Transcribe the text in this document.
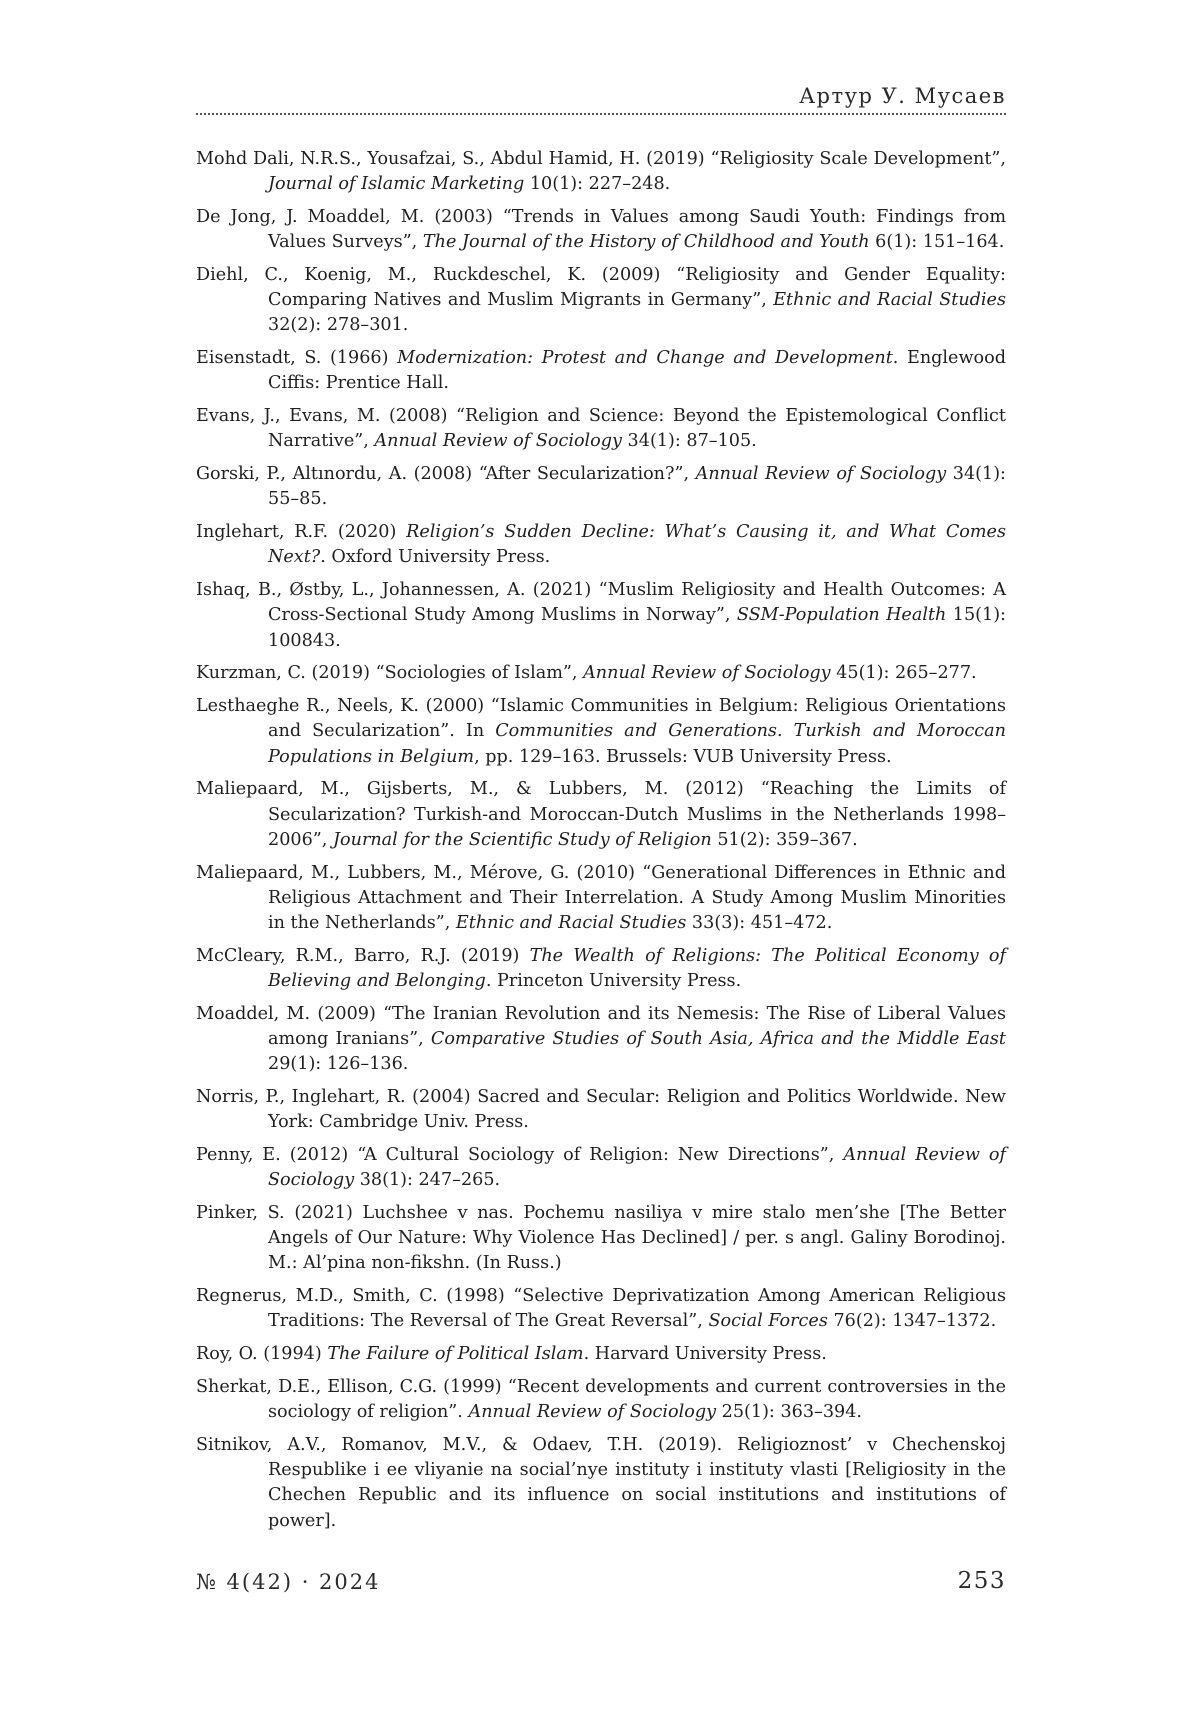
Артур У. Мусаев
Mohd Dali, N.R.S., Yousafzai, S., Abdul Hamid, H. (2019) “Religiosity Scale Development”, Journal of Islamic Marketing 10(1): 227–248.
De Jong, J. Moaddel, M. (2003) “Trends in Values among Saudi Youth: Findings from Values Surveys”, The Journal of the History of Childhood and Youth 6(1): 151–164.
Diehl, C., Koenig, M., Ruckdeschel, K. (2009) “Religiosity and Gender Equality: Comparing Natives and Muslim Migrants in Germany”, Ethnic and Racial Studies 32(2): 278–301.
Eisenstadt, S. (1966) Modernization: Protest and Change and Development. Englewood Ciffis: Prentice Hall.
Evans, J., Evans, M. (2008) “Religion and Science: Beyond the Epistemological Conflict Narrative”, Annual Review of Sociology 34(1): 87–105.
Gorski, P., Altınordu, A. (2008) “After Secularization?”, Annual Review of Sociology 34(1): 55–85.
Inglehart, R.F. (2020) Religion’s Sudden Decline: What’s Causing it, and What Comes Next?. Oxford University Press.
Ishaq, B., Østby, L., Johannessen, A. (2021) “Muslim Religiosity and Health Outcomes: A Cross-Sectional Study Among Muslims in Norway”, SSM-Population Health 15(1): 100843.
Kurzman, C. (2019) “Sociologies of Islam”, Annual Review of Sociology 45(1): 265–277.
Lesthaeghe R., Neels, K. (2000) “Islamic Communities in Belgium: Religious Orientations and Secularization”. In Communities and Generations. Turkish and Moroccan Populations in Belgium, pp. 129–163. Brussels: VUB University Press.
Maliepaard, M., Gijsberts, M., & Lubbers, M. (2012) “Reaching the Limits of Secularization? Turkish-and Moroccan-Dutch Muslims in the Netherlands 1998–2006”, Journal for the Scientific Study of Religion 51(2): 359–367.
Maliepaard, M., Lubbers, M., Mérove, G. (2010) “Generational Differences in Ethnic and Religious Attachment and Their Interrelation. A Study Among Muslim Minorities in the Netherlands”, Ethnic and Racial Studies 33(3): 451–472.
McCleary, R.M., Barro, R.J. (2019) The Wealth of Religions: The Political Economy of Believing and Belonging. Princeton University Press.
Moaddel, M. (2009) “The Iranian Revolution and its Nemesis: The Rise of Liberal Values among Iranians”, Comparative Studies of South Asia, Africa and the Middle East 29(1): 126–136.
Norris, P., Inglehart, R. (2004) Sacred and Secular: Religion and Politics Worldwide. New York: Cambridge Univ. Press.
Penny, E. (2012) “A Cultural Sociology of Religion: New Directions”, Annual Review of Sociology 38(1): 247–265.
Pinker, S. (2021) Luchshee v nas. Pochemu nasiliya v mire stalo men’she [The Better Angels of Our Nature: Why Violence Has Declined] / per. s angl. Galiny Borodinoj. M.: Al’pina non-fikshn. (In Russ.)
Regnerus, M.D., Smith, C. (1998) “Selective Deprivatization Among American Religious Traditions: The Reversal of The Great Reversal”, Social Forces 76(2): 1347–1372.
Roy, O. (1994) The Failure of Political Islam. Harvard University Press.
Sherkat, D.E., Ellison, C.G. (1999) “Recent developments and current controversies in the sociology of religion”. Annual Review of Sociology 25(1): 363–394.
Sitnikov, A.V., Romanov, M.V., & Odaev, T.H. (2019). Religioznost’ v Chechenskoj Respublike i ee vliyanie na social’nye instituty i instituty vlasti [Religiosity in the Chechen Republic and its influence on social institutions and institutions of power].
№ 4(42) · 2024	253
